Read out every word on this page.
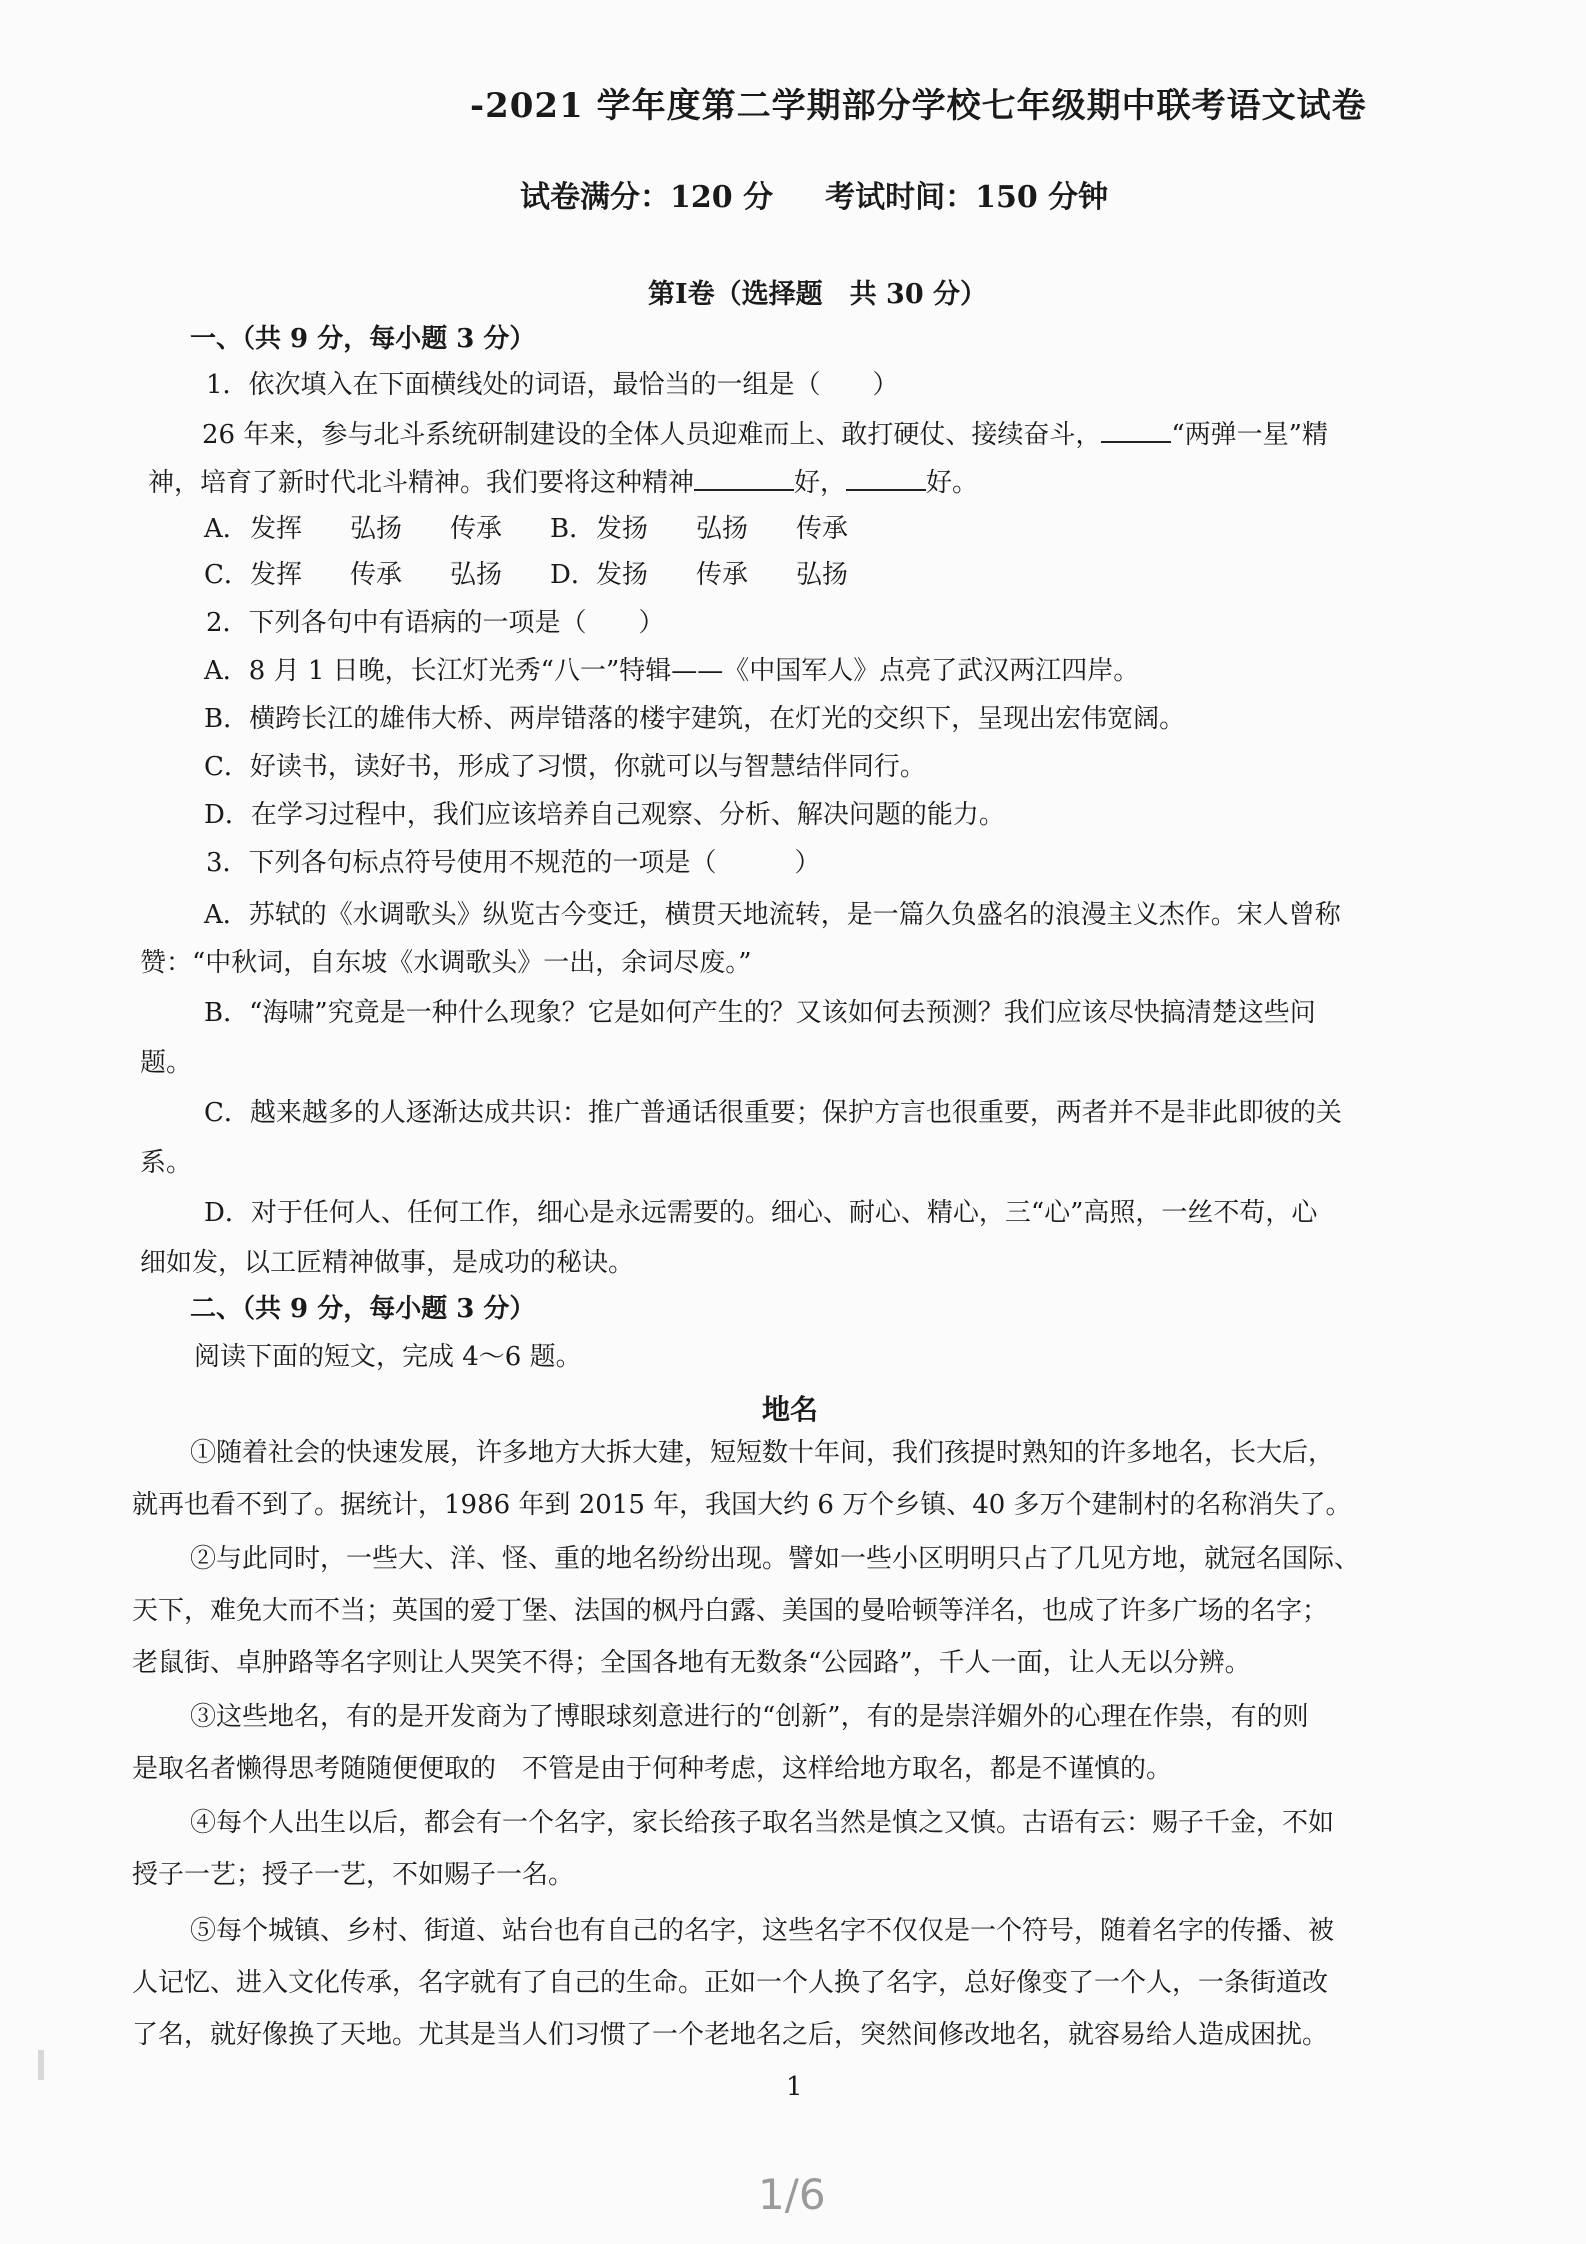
-2021 学年度第二学期部分学校七年级期中联考语文试卷
试卷满分：120 分 考试时间：150 分钟
第Ⅰ卷（选择题　共 30 分）
一、（共 9 分，每小题 3 分）
1．依次填入在下面横线处的词语，最恰当的一组是（　　）
26 年来，参与北斗系统研制建设的全体人员迎难而上、敢打硬仗、接续奋斗，	“两弹一星”精
神，培育了新时代北斗精神。我们要将这种精神	好，	好。
A．发挥 弘扬 传承 B．发扬 弘扬 传承
C．发挥 传承 弘扬 D．发扬 传承 弘扬
2．下列各句中有语病的一项是（　　）
A．8 月 1 日晚，长江灯光秀“八一”特辑——《中国军人》点亮了武汉两江四岸。
B．横跨长江的雄伟大桥、两岸错落的楼宇建筑，在灯光的交织下，呈现出宏伟宽阔。
C．好读书，读好书，形成了习惯，你就可以与智慧结伴同行。
D．在学习过程中，我们应该培养自己观察、分析、解决问题的能力。
3．下列各句标点符号使用不规范的一项是（　　　）
A．苏轼的《水调歌头》纵览古今变迁，横贯天地流转，是一篇久负盛名的浪漫主义杰作。宋人曾称
赞：“中秋词，自东坡《水调歌头》一出，余词尽废。”
B．“海啸”究竟是一种什么现象？它是如何产生的？又该如何去预测？我们应该尽快搞清楚这些问
题。
C．越来越多的人逐渐达成共识：推广普通话很重要；保护方言也很重要，两者并不是非此即彼的关
系。
D．对于任何人、任何工作，细心是永远需要的。细心、耐心、精心，三“心”高照，一丝不苟，心
细如发，以工匠精神做事，是成功的秘诀。
二、（共 9 分，每小题 3 分）
阅读下面的短文，完成 4～6 题。
地名
①随着社会的快速发展，许多地方大拆大建，短短数十年间，我们孩提时熟知的许多地名，长大后，
就再也看不到了。据统计，1986 年到 2015 年，我国大约 6 万个乡镇、40 多万个建制村的名称消失了。
②与此同时，一些大、洋、怪、重的地名纷纷出现。譬如一些小区明明只占了几见方地，就冠名国际、
天下，难免大而不当；英国的爱丁堡、法国的枫丹白露、美国的曼哈顿等洋名，也成了许多广场的名字；
老鼠街、卓肿路等名字则让人哭笑不得；全国各地有无数条“公园路”，千人一面，让人无以分辨。
③这些地名，有的是开发商为了博眼球刻意进行的“创新”，有的是崇洋媚外的心理在作祟，有的则
是取名者懒得思考随随便便取的　不管是由于何种考虑，这样给地方取名，都是不谨慎的。
④每个人出生以后，都会有一个名字，家长给孩子取名当然是慎之又慎。古语有云：赐子千金，不如
授子一艺；授子一艺，不如赐子一名。
⑤每个城镇、乡村、街道、站台也有自己的名字，这些名字不仅仅是一个符号，随着名字的传播、被
人记忆、进入文化传承，名字就有了自己的生命。正如一个人换了名字，总好像变了一个人，一条街道改
了名，就好像换了天地。尤其是当人们习惯了一个老地名之后，突然间修改地名，就容易给人造成困扰。
1
1/6
